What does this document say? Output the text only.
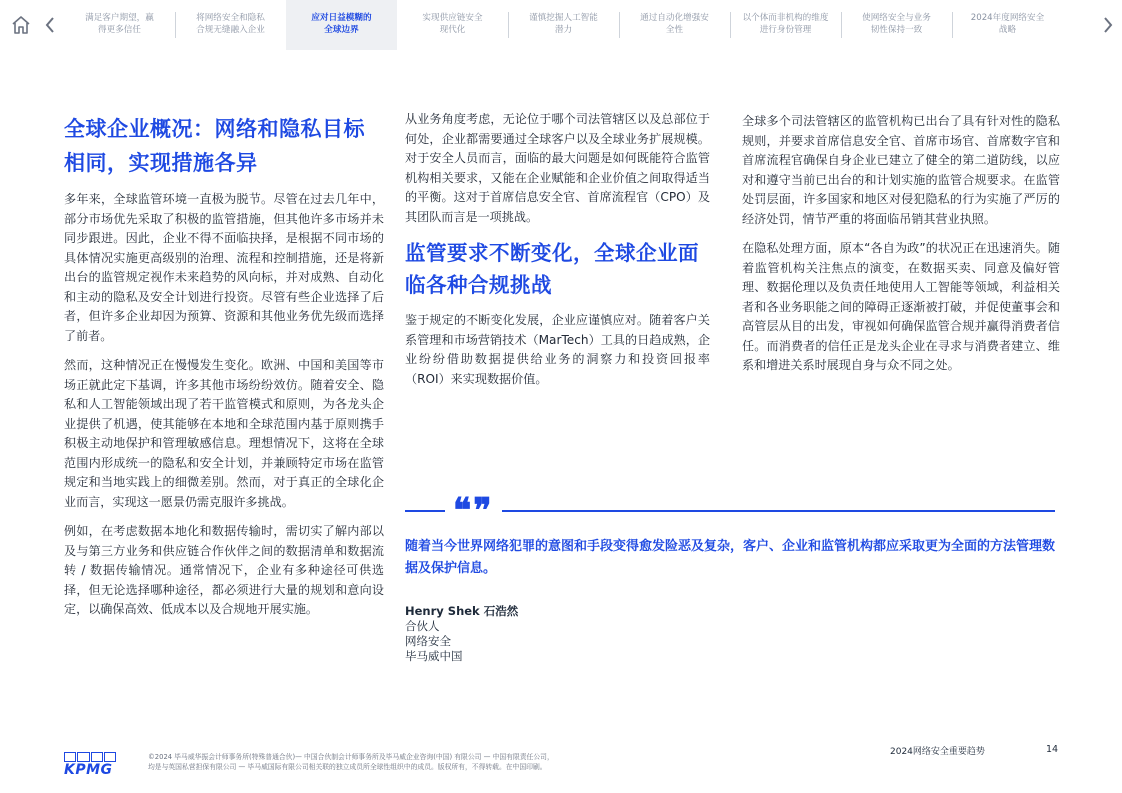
满足客户期望，赢
得更多信任
将网络安全和隐私
合规无缝融入企业
应对日益模糊的
全球边界
实现供应链安全
现代化
谨慎挖掘人工智能
潜力
通过自动化增强安
全性
以个体而非机构的维度
进行身份管理
使网络安全与业务
韧性保持一致
2024年度网络安全
战略
全球企业概况：网络和隐私目标相同，实现措施各异

多年来，全球监管环境一直极为脱节。尽管在过去几年中，部分市场优先采取了积极的监管措施，但其他许多市场并未同步跟进。因此，企业不得不面临抉择，是根据不同市场的具体情况实施更高级别的治理、流程和控制措施，还是将新出台的监管规定视作未来趋势的风向标，并对成熟、自动化和主动的隐私及安全计划进行投资。尽管有些企业选择了后者，但许多企业却因为预算、资源和其他业务优先级而选择了前者。

然而，这种情况正在慢慢发生变化。欧洲、中国和美国等市场正就此定下基调，许多其他市场纷纷效仿。随着安全、隐私和人工智能领域出现了若干监管模式和原则，为各龙头企业提供了机遇，使其能够在本地和全球范围内基于原则携手积极主动地保护和管理敏感信息。理想情况下，这将在全球范围内形成统一的隐私和安全计划，并兼顾特定市场在监管规定和当地实践上的细微差别。然而，对于真正的全球化企业而言，实现这一愿景仍需克服许多挑战。

例如，在考虑数据本地化和数据传输时，需切实了解内部以及与第三方业务和供应链合作伙伴之间的数据清单和数据流转 / 数据传输情况。通常情况下，企业有多种途径可供选择，但无论选择哪种途径，都必须进行大量的规划和意向设定，以确保高效、低成本以及合规地开展实施。

从业务角度考虑，无论位于哪个司法管辖区以及总部位于何处，企业都需要通过全球客户以及全球业务扩展规模。对于安全人员而言，面临的最大问题是如何既能符合监管机构相关要求，又能在企业赋能和企业价值之间取得适当的平衡。这对于首席信息安全官、首席流程官（CPO）及其团队而言是一项挑战。

监管要求不断变化，全球企业面临各种合规挑战

鉴于规定的不断变化发展，企业应谨慎应对。随着客户关系管理和市场营销技术（MarTech）工具的日趋成熟，企业纷纷借助数据提供给业务的洞察力和投资回报率（ROI）来实现数据价值。

全球多个司法管辖区的监管机构已出台了具有针对性的隐私规则，并要求首席信息安全官、首席市场官、首席数字官和首席流程官确保自身企业已建立了健全的第二道防线，以应对和遵守当前已出台的和计划实施的监管合规要求。在监管处罚层面，许多国家和地区对侵犯隐私的行为实施了严厉的经济处罚，情节严重的将面临吊销其营业执照。

在隐私处理方面，原本“各自为政”的状况正在迅速消失。随着监管机构关注焦点的演变，在数据买卖、同意及偏好管理、数据伦理以及负责任地使用人工智能等领域，利益相关者和各业务职能之间的障碍正逐渐被打破，并促使董事会和高管层从目的出发，审视如何确保监管合规并赢得消费者信任。而消费者的信任正是龙头企业在寻求与消费者建立、维系和增进关系时展现自身与众不同之处。

❝❞
随着当今世界网络犯罪的意图和手段变得愈发险恶及复杂，客户、企业和监管机构都应采取更为全面的方法管理数据及保护信息。
Henry Shek 石浩然
合伙人
网络安全
毕马威中国
KPMG
©2024 毕马威华振会计师事务所(特殊普通合伙)— 中国合伙制会计师事务所及毕马威企业咨询(中国) 有限公司 — 中国有限责任公司，
均是与英国私营担保有限公司 — 毕马威国际有限公司相关联的独立成员所全球性组织中的成员。版权所有，不得转载。在中国印刷。
2024网络安全重要趋势	14
